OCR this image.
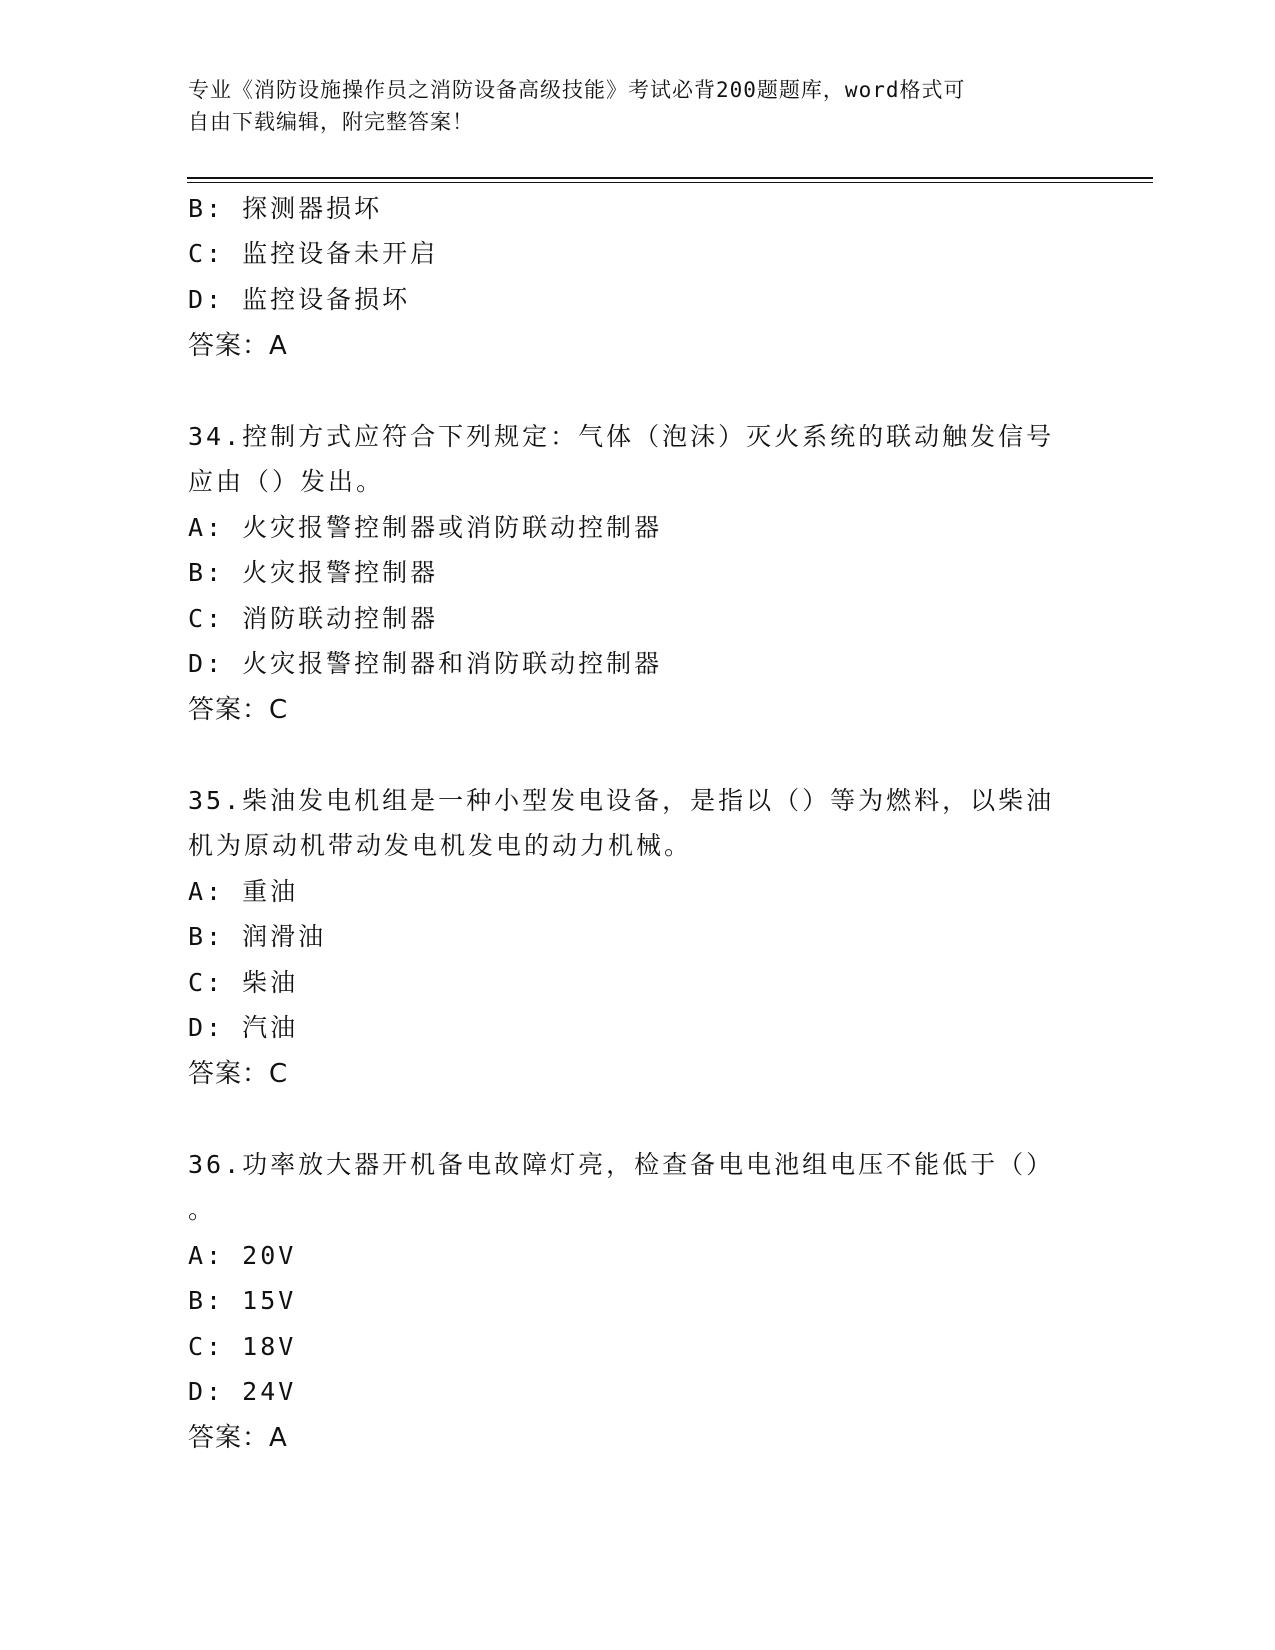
专业《消防设施操作员之消防设备高级技能》考试必背200题题库，word格式可
自由下载编辑，附完整答案！
B: 探测器损坏
C: 监控设备未开启
D: 监控设备损坏
答案：A
34.控制方式应符合下列规定：气体（泡沫）灭火系统的联动触发信号
应由（）发出。
A: 火灾报警控制器或消防联动控制器
B: 火灾报警控制器
C: 消防联动控制器
D: 火灾报警控制器和消防联动控制器
答案：C
35.柴油发电机组是一种小型发电设备，是指以（）等为燃料，以柴油
机为原动机带动发电机发电的动力机械。
A: 重油
B: 润滑油
C: 柴油
D: 汽油
答案：C
36.功率放大器开机备电故障灯亮，检查备电电池组电压不能低于（）
。
A: 20V
B: 15V
C: 18V
D: 24V
答案：A
